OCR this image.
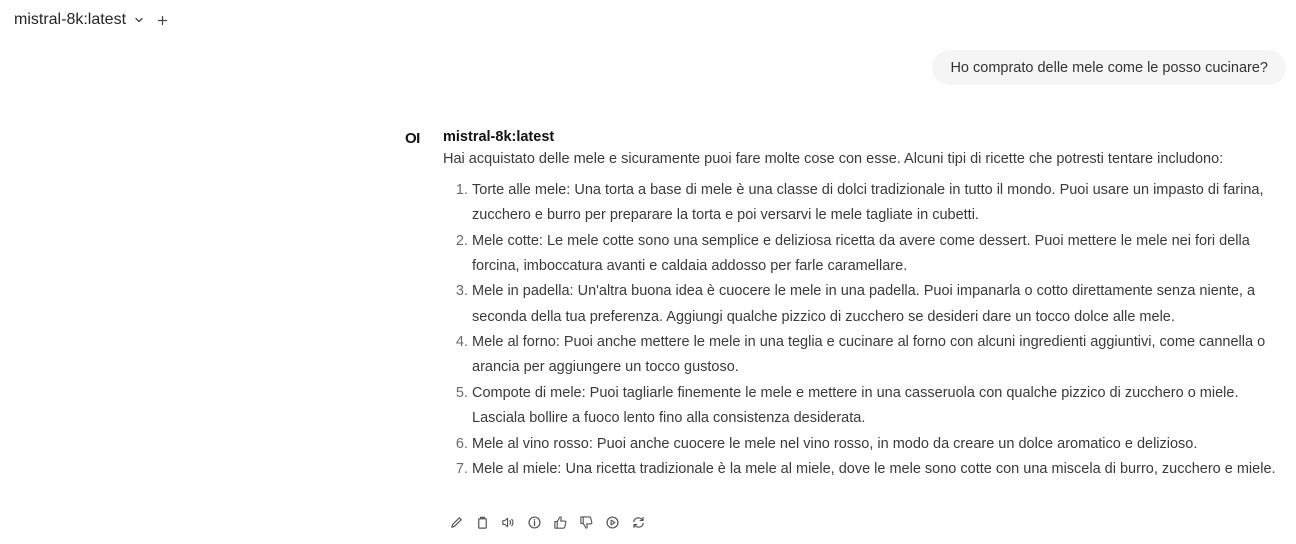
mistral-8k:latest
Ho comprato delle mele come le posso cucinare?
OI	mistral-8k:latest
Hai acquistato delle mele e sicuramente puoi fare molte cose con esse. Alcuni tipi di ricette che potresti tentare includono:
1. Torte alle mele: Una torta a base di mele è una classe di dolci tradizionale in tutto il mondo. Puoi usare un impasto di farina, zucchero e burro per preparare la torta e poi versarvi le mele tagliate in cubetti.
2. Mele cotte: Le mele cotte sono una semplice e deliziosa ricetta da avere come dessert. Puoi mettere le mele nei fori della forcina, imboccatura avanti e caldaia addosso per farle caramellare.
3. Mele in padella: Un'altra buona idea è cuocere le mele in una padella. Puoi impanarla o cotto direttamente senza niente, a seconda della tua preferenza. Aggiungi qualche pizzico di zucchero se desideri dare un tocco dolce alle mele.
4. Mele al forno: Puoi anche mettere le mele in una teglia e cucinare al forno con alcuni ingredienti aggiuntivi, come cannella o arancia per aggiungere un tocco gustoso.
5. Compote di mele: Puoi tagliarle finemente le mele e mettere in una casseruola con qualche pizzico di zucchero o miele. Lasciala bollire a fuoco lento fino alla consistenza desiderata.
6. Mele al vino rosso: Puoi anche cuocere le mele nel vino rosso, in modo da creare un dolce aromatico e delizioso.
7. Mele al miele: Una ricetta tradizionale è la mele al miele, dove le mele sono cotte con una miscela di burro, zucchero e miele.
